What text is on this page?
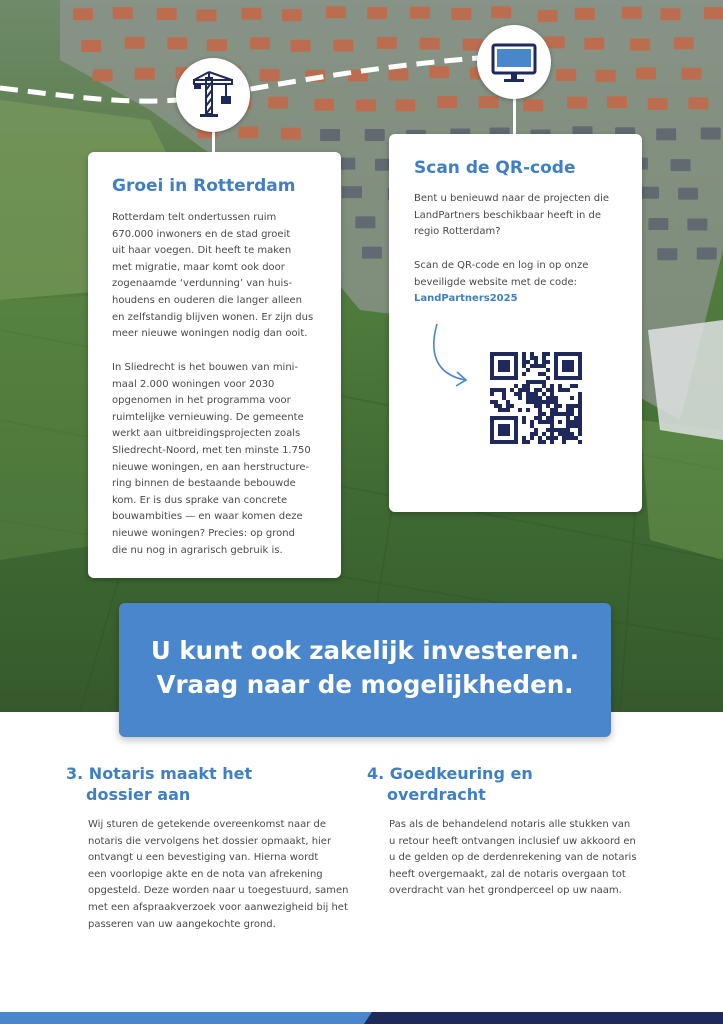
Groei in Rotterdam

Rotterdam telt ondertussen ruim
670.000 inwoners en de stad groeit
uit haar voegen. Dit heeft te maken
met migratie, maar komt ook door
zogenaamde ‘verdunning’ van huis-
houdens en ouderen die langer alleen
en zelfstandig blijven wonen. Er zijn dus
meer nieuwe woningen nodig dan ooit.

In Sliedrecht is het bouwen van mini-
maal 2.000 woningen voor 2030
opgenomen in het programma voor
ruimtelijke vernieuwing. De gemeente
werkt aan uitbreidingsprojecten zoals
Sliedrecht-Noord, met ten minste 1.750
nieuwe woningen, en aan herstructure-
ring binnen de bestaande bebouwde
kom. Er is dus sprake van concrete
bouwambities — en waar komen deze
nieuwe woningen? Precies: op grond
die nu nog in agrarisch gebruik is.

Scan de QR-code

Bent u benieuwd naar de projecten die
LandPartners beschikbaar heeft in de
regio Rotterdam?

Scan de QR-code en log in op onze
beveiligde website met de code:
LandPartners2025

U kunt ook zakelijk investeren.
Vraag naar de mogelijkheden.
3. Notaris maakt het
dossier aan

Wij sturen de getekende overeenkomst naar de
notaris die vervolgens het dossier opmaakt, hier
ontvangt u een bevestiging van. Hierna wordt
een voorlopige akte en de nota van afrekening
opgesteld. Deze worden naar u toegestuurd, samen
met een afspraakverzoek voor aanwezigheid bij het
passeren van uw aangekochte grond.

4. Goedkeuring en
overdracht

Pas als de behandelend notaris alle stukken van
u retour heeft ontvangen inclusief uw akkoord en
u de gelden op de derdenrekening van de notaris
heeft overgemaakt, zal de notaris overgaan tot
overdracht van het grondperceel op uw naam.
